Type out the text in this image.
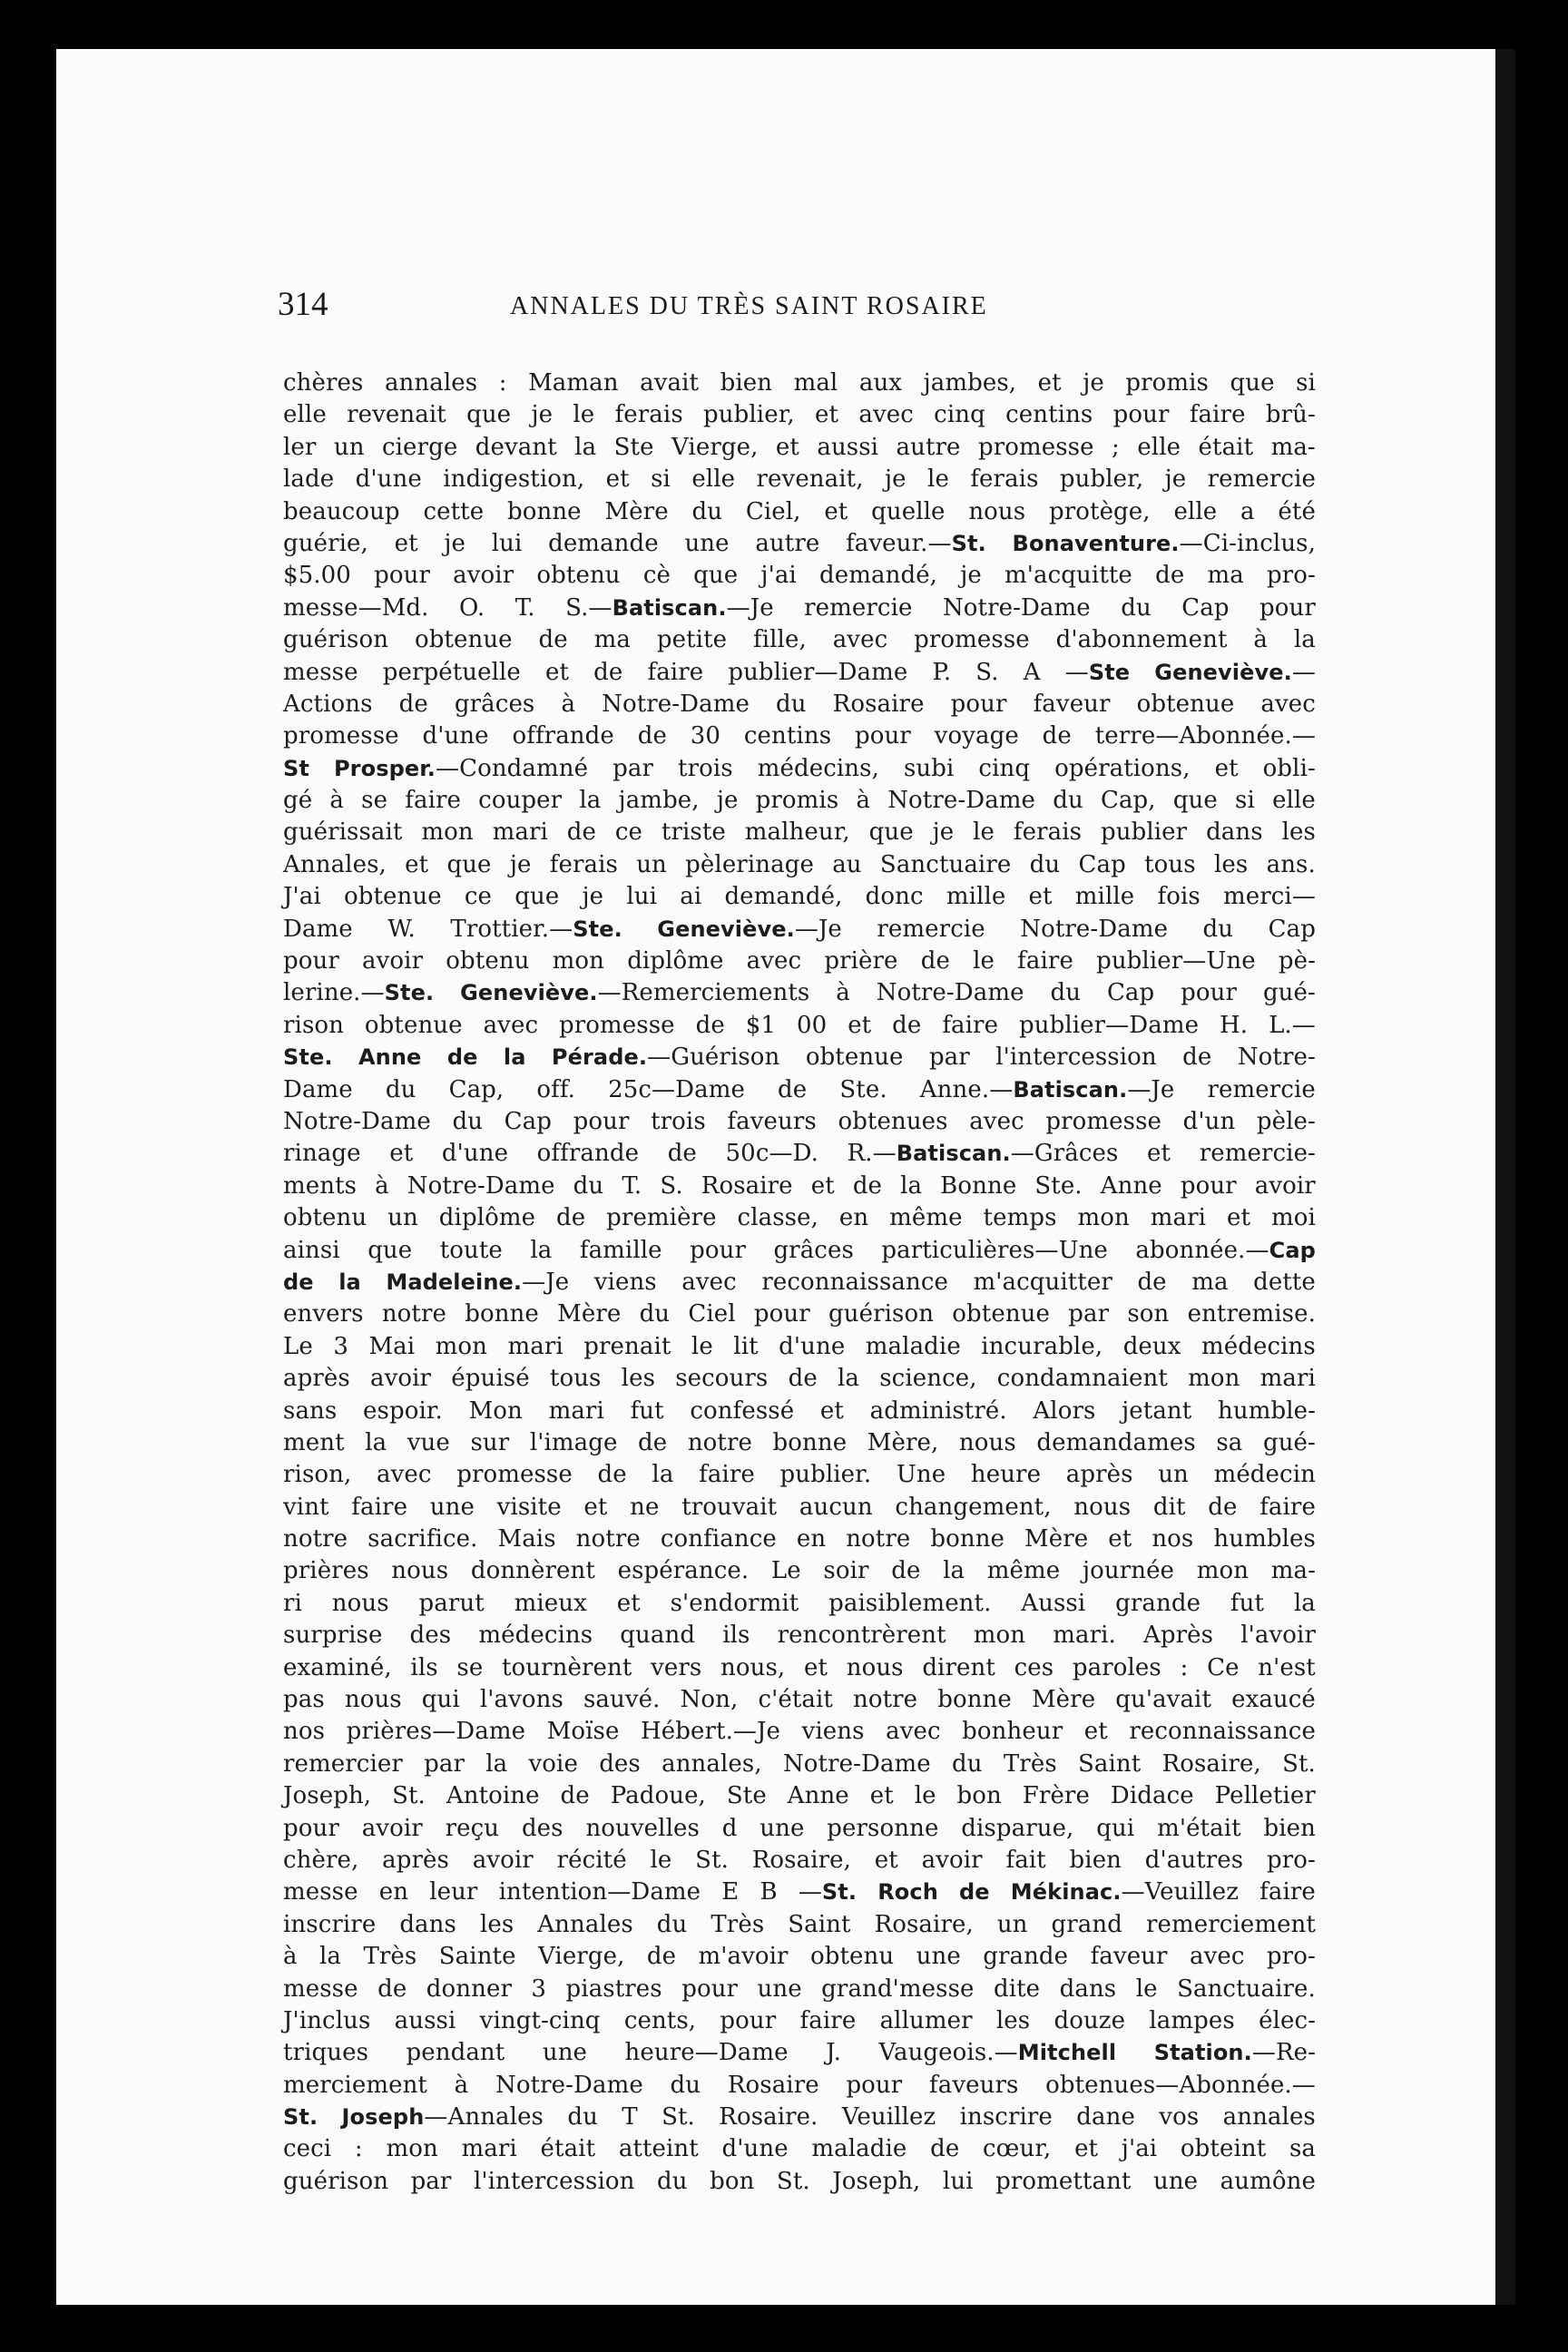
314	ANNALES DU TRÈS SAINT ROSAIRE
chères annales : Maman avait bien mal aux jambes, et je promis que si
elle revenait que je le ferais publier, et avec cinq centins pour faire brû-
ler un cierge devant la Ste Vierge, et aussi autre promesse ; elle était ma-
lade d'une indigestion, et si elle revenait, je le ferais publer, je remercie
beaucoup cette bonne Mère du Ciel, et quelle nous protège, elle a été
guérie, et je lui demande une autre faveur.—St. Bonaventure.—Ci-inclus,
$5.00 pour avoir obtenu cè que j'ai demandé, je m'acquitte de ma pro-
messe—Md. O. T. S.—Batiscan.—Je remercie Notre-Dame du Cap pour
guérison obtenue de ma petite fille, avec promesse d'abonnement à la
messe perpétuelle et de faire publier—Dame P. S. A —Ste Geneviève.—
Actions de grâces à Notre-Dame du Rosaire pour faveur obtenue avec
promesse d'une offrande de 30 centins pour voyage de terre—Abonnée.—
St Prosper.—Condamné par trois médecins, subi cinq opérations, et obli-
gé à se faire couper la jambe, je promis à Notre-Dame du Cap, que si elle
guérissait mon mari de ce triste malheur, que je le ferais publier dans les
Annales, et que je ferais un pèlerinage au Sanctuaire du Cap tous les ans.
J'ai obtenue ce que je lui ai demandé, donc mille et mille fois merci—
Dame W. Trottier.—Ste. Geneviève.—Je remercie Notre-Dame du Cap
pour avoir obtenu mon diplôme avec prière de le faire publier—Une pè-
lerine.—Ste. Geneviève.—Remerciements à Notre-Dame du Cap pour gué-
rison obtenue avec promesse de $1 00 et de faire publier—Dame H. L.—
Ste. Anne de la Pérade.—Guérison obtenue par l'intercession de Notre-
Dame du Cap, off. 25c—Dame de Ste. Anne.—Batiscan.—Je remercie
Notre-Dame du Cap pour trois faveurs obtenues avec promesse d'un pèle-
rinage et d'une offrande de 50c—D. R.—Batiscan.—Grâces et remercie-
ments à Notre-Dame du T. S. Rosaire et de la Bonne Ste. Anne pour avoir
obtenu un diplôme de première classe, en même temps mon mari et moi
ainsi que toute la famille pour grâces particulières—Une abonnée.—Cap
de la Madeleine.—Je viens avec reconnaissance m'acquitter de ma dette
envers notre bonne Mère du Ciel pour guérison obtenue par son entremise.
Le 3 Mai mon mari prenait le lit d'une maladie incurable, deux médecins
après avoir épuisé tous les secours de la science, condamnaient mon mari
sans espoir. Mon mari fut confessé et administré. Alors jetant humble-
ment la vue sur l'image de notre bonne Mère, nous demandames sa gué-
rison, avec promesse de la faire publier. Une heure après un médecin
vint faire une visite et ne trouvait aucun changement, nous dit de faire
notre sacrifice. Mais notre confiance en notre bonne Mère et nos humbles
prières nous donnèrent espérance. Le soir de la même journée mon ma-
ri nous parut mieux et s'endormit paisiblement. Aussi grande fut la
surprise des médecins quand ils rencontrèrent mon mari. Après l'avoir
examiné, ils se tournèrent vers nous, et nous dirent ces paroles : Ce n'est
pas nous qui l'avons sauvé. Non, c'était notre bonne Mère qu'avait exaucé
nos prières—Dame Moïse Hébert.—Je viens avec bonheur et reconnaissance
remercier par la voie des annales, Notre-Dame du Très Saint Rosaire, St.
Joseph, St. Antoine de Padoue, Ste Anne et le bon Frère Didace Pelletier
pour avoir reçu des nouvelles d une personne disparue, qui m'était bien
chère, après avoir récité le St. Rosaire, et avoir fait bien d'autres pro-
messe en leur intention—Dame E B —St. Roch de Mékinac.—Veuillez faire
inscrire dans les Annales du Très Saint Rosaire, un grand remerciement
à la Très Sainte Vierge, de m'avoir obtenu une grande faveur avec pro-
messe de donner 3 piastres pour une grand'messe dite dans le Sanctuaire.
J'inclus aussi vingt-cinq cents, pour faire allumer les douze lampes élec-
triques pendant une heure—Dame J. Vaugeois.—Mitchell Station.—Re-
merciement à Notre-Dame du Rosaire pour faveurs obtenues—Abonnée.—
St. Joseph—Annales du T St. Rosaire. Veuillez inscrire dane vos annales
ceci : mon mari était atteint d'une maladie de cœur, et j'ai obteint sa
guérison par l'intercession du bon St. Joseph, lui promettant une aumône
